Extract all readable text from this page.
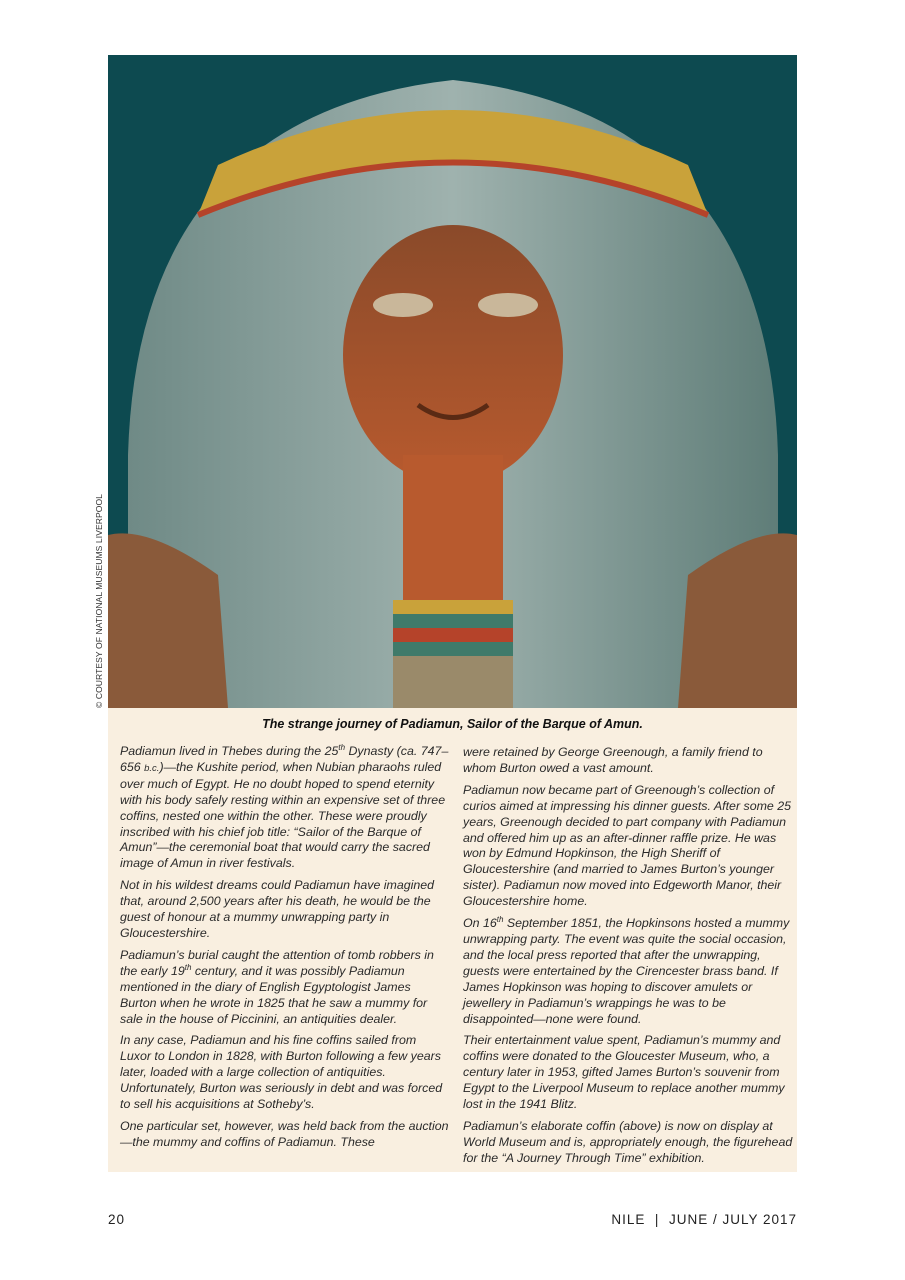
© COURTESY OF NATIONAL MUSEUMS LIVERPOOL
The strange journey of Padiamun, Sailor of the Barque of Amun.

Padiamun lived in Thebes during the 25th Dynasty (ca. 747–656 b.c.)—the Kushite period, when Nubian pharaohs ruled over much of Egypt. He no doubt hoped to spend eternity with his body safely resting within an expensive set of three coffins, nested one within the other. These were proudly inscribed with his chief job title: “Sailor of the Barque of Amun”—the ceremonial boat that would carry the sacred image of Amun in river festivals.

Not in his wildest dreams could Padiamun have imagined that, around 2,500 years after his death, he would be the guest of honour at a mummy unwrapping party in Gloucestershire.

Padiamun’s burial caught the attention of tomb robbers in the early 19th century, and it was possibly Padiamun mentioned in the diary of English Egyptologist James Burton when he wrote in 1825 that he saw a mummy for sale in the house of Piccinini, an antiquities dealer.

In any case, Padiamun and his fine coffins sailed from Luxor to London in 1828, with Burton following a few years later, loaded with a large collection of antiquities. Unfortunately, Burton was seriously in debt and was forced to sell his acquisitions at Sotheby’s.

One particular set, however, was held back from the auction—the mummy and coffins of Padiamun. These

were retained by George Greenough, a family friend to whom Burton owed a vast amount.

Padiamun now became part of Greenough’s collection of curios aimed at impressing his dinner guests. After some 25 years, Greenough decided to part company with Padiamun and offered him up as an after-dinner raffle prize. He was won by Edmund Hopkinson, the High Sheriff of Gloucestershire (and married to James Burton’s younger sister). Padiamun now moved into Edgeworth Manor, their Gloucestershire home.

On 16th September 1851, the Hopkinsons hosted a mummy unwrapping party. The event was quite the social occasion, and the local press reported that after the unwrapping, guests were entertained by the Cirencester brass band. If James Hopkinson was hoping to discover amulets or jewellery in Padiamun’s wrappings he was to be disappointed—none were found.

Their entertainment value spent, Padiamun’s mummy and coffins were donated to the Gloucester Museum, who, a century later in 1953, gifted James Burton’s souvenir from Egypt to the Liverpool Museum to replace another mummy lost in the 1941 Blitz.

Padiamun’s elaborate coffin (above) is now on display at World Museum and is, appropriately enough, the figurehead for the “A Journey Through Time” exhibition.

20	NILE  |  JUNE / JULY 2017
